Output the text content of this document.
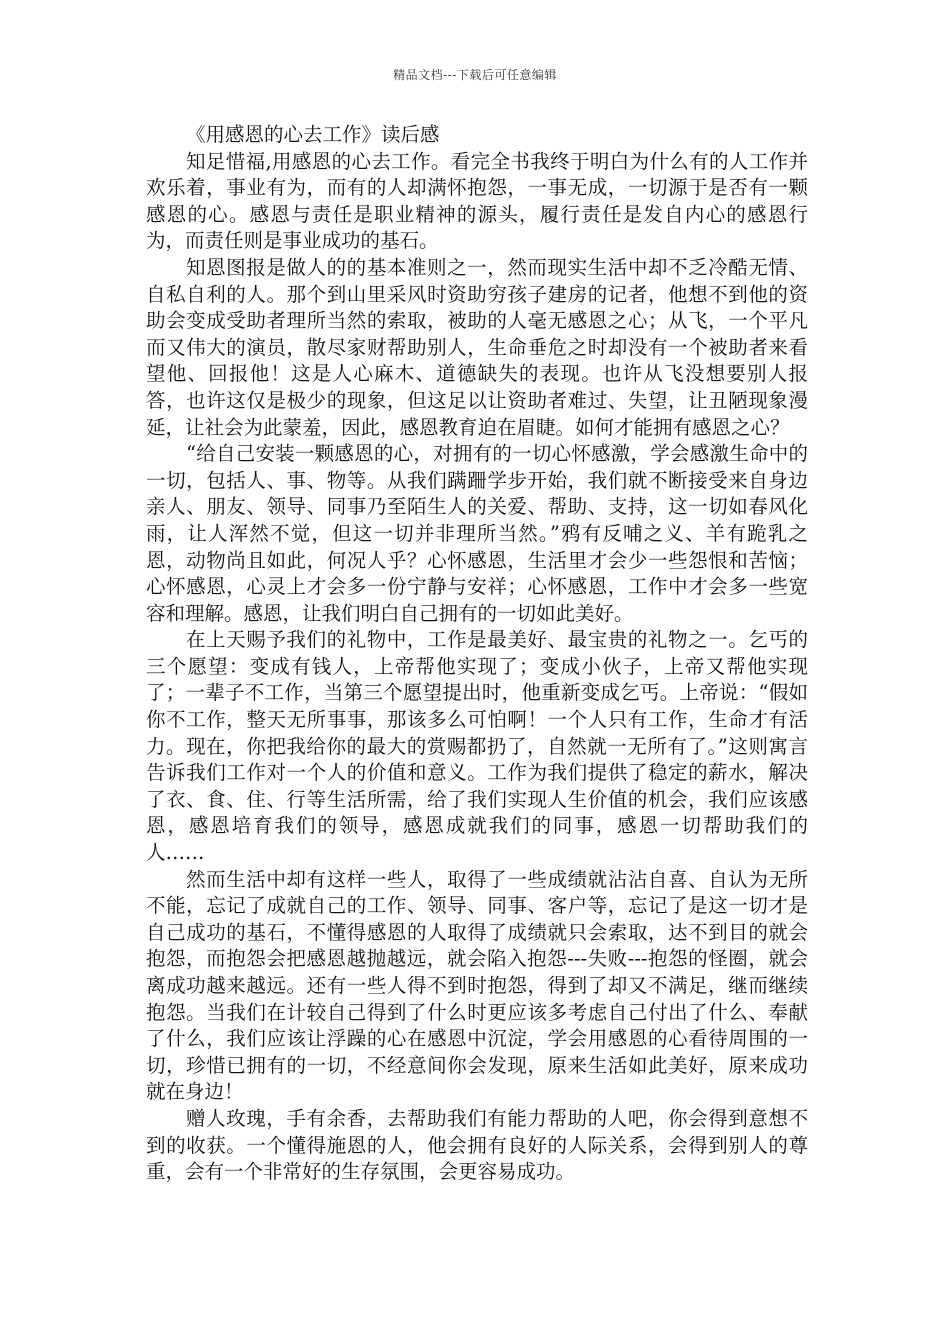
精品文档---下载后可任意编辑
《用感恩的心去工作》读后感

知足惜福,用感恩的心去工作。看完全书我终于明白为什么有的人工作并欢乐着，事业有为，而有的人却满怀抱怨，一事无成，一切源于是否有一颗感恩的心。感恩与责任是职业精神的源头，履行责任是发自内心的感恩行为，而责任则是事业成功的基石。

知恩图报是做人的的基本准则之一，然而现实生活中却不乏冷酷无情、自私自利的人。那个到山里采风时资助穷孩子建房的记者，他想不到他的资助会变成受助者理所当然的索取，被助的人毫无感恩之心；从飞，一个平凡而又伟大的演员，散尽家财帮助别人，生命垂危之时却没有一个被助者来看望他、回报他！这是人心麻木、道德缺失的表现。也许从飞没想要别人报答，也许这仅是极少的现象，但这足以让资助者难过、失望，让丑陋现象漫延，让社会为此蒙羞，因此，感恩教育迫在眉睫。如何才能拥有感恩之心？

“给自己安装一颗感恩的心，对拥有的一切心怀感激，学会感激生命中的一切，包括人、事、物等。从我们蹒跚学步开始，我们就不断接受来自身边亲人、朋友、领导、同事乃至陌生人的关爱、帮助、支持，这一切如春风化雨，让人浑然不觉，但这一切并非理所当然。”鸦有反哺之义、羊有跪乳之恩，动物尚且如此，何况人乎？心怀感恩，生活里才会少一些怨恨和苦恼；心怀感恩，心灵上才会多一份宁静与安祥；心怀感恩，工作中才会多一些宽容和理解。感恩，让我们明白自己拥有的一切如此美好。

在上天赐予我们的礼物中，工作是最美好、最宝贵的礼物之一。乞丐的三个愿望：变成有钱人，上帝帮他实现了；变成小伙子，上帝又帮他实现了；一辈子不工作，当第三个愿望提出时，他重新变成乞丐。上帝说：“假如你不工作，整天无所事事，那该多么可怕啊！一个人只有工作，生命才有活力。现在，你把我给你的最大的赏赐都扔了，自然就一无所有了。”这则寓言告诉我们工作对一个人的价值和意义。工作为我们提供了稳定的薪水，解决了衣、食、住、行等生活所需，给了我们实现人生价值的机会，我们应该感恩，感恩培育我们的领导，感恩成就我们的同事，感恩一切帮助我们的人……

然而生活中却有这样一些人，取得了一些成绩就沾沾自喜、自认为无所不能，忘记了成就自己的工作、领导、同事、客户等，忘记了是这一切才是自己成功的基石，不懂得感恩的人取得了成绩就只会索取，达不到目的就会抱怨，而抱怨会把感恩越抛越远，就会陷入抱怨---失败---抱怨的怪圈，就会离成功越来越远。还有一些人得不到时抱怨，得到了却又不满足，继而继续抱怨。当我们在计较自己得到了什么时更应该多考虑自己付出了什么、奉献了什么，我们应该让浮躁的心在感恩中沉淀，学会用感恩的心看待周围的一切，珍惜已拥有的一切，不经意间你会发现，原来生活如此美好，原来成功就在身边！

赠人玫瑰，手有余香，去帮助我们有能力帮助的人吧，你会得到意想不到的收获。一个懂得施恩的人，他会拥有良好的人际关系，会得到别人的尊重，会有一个非常好的生存氛围，会更容易成功。
